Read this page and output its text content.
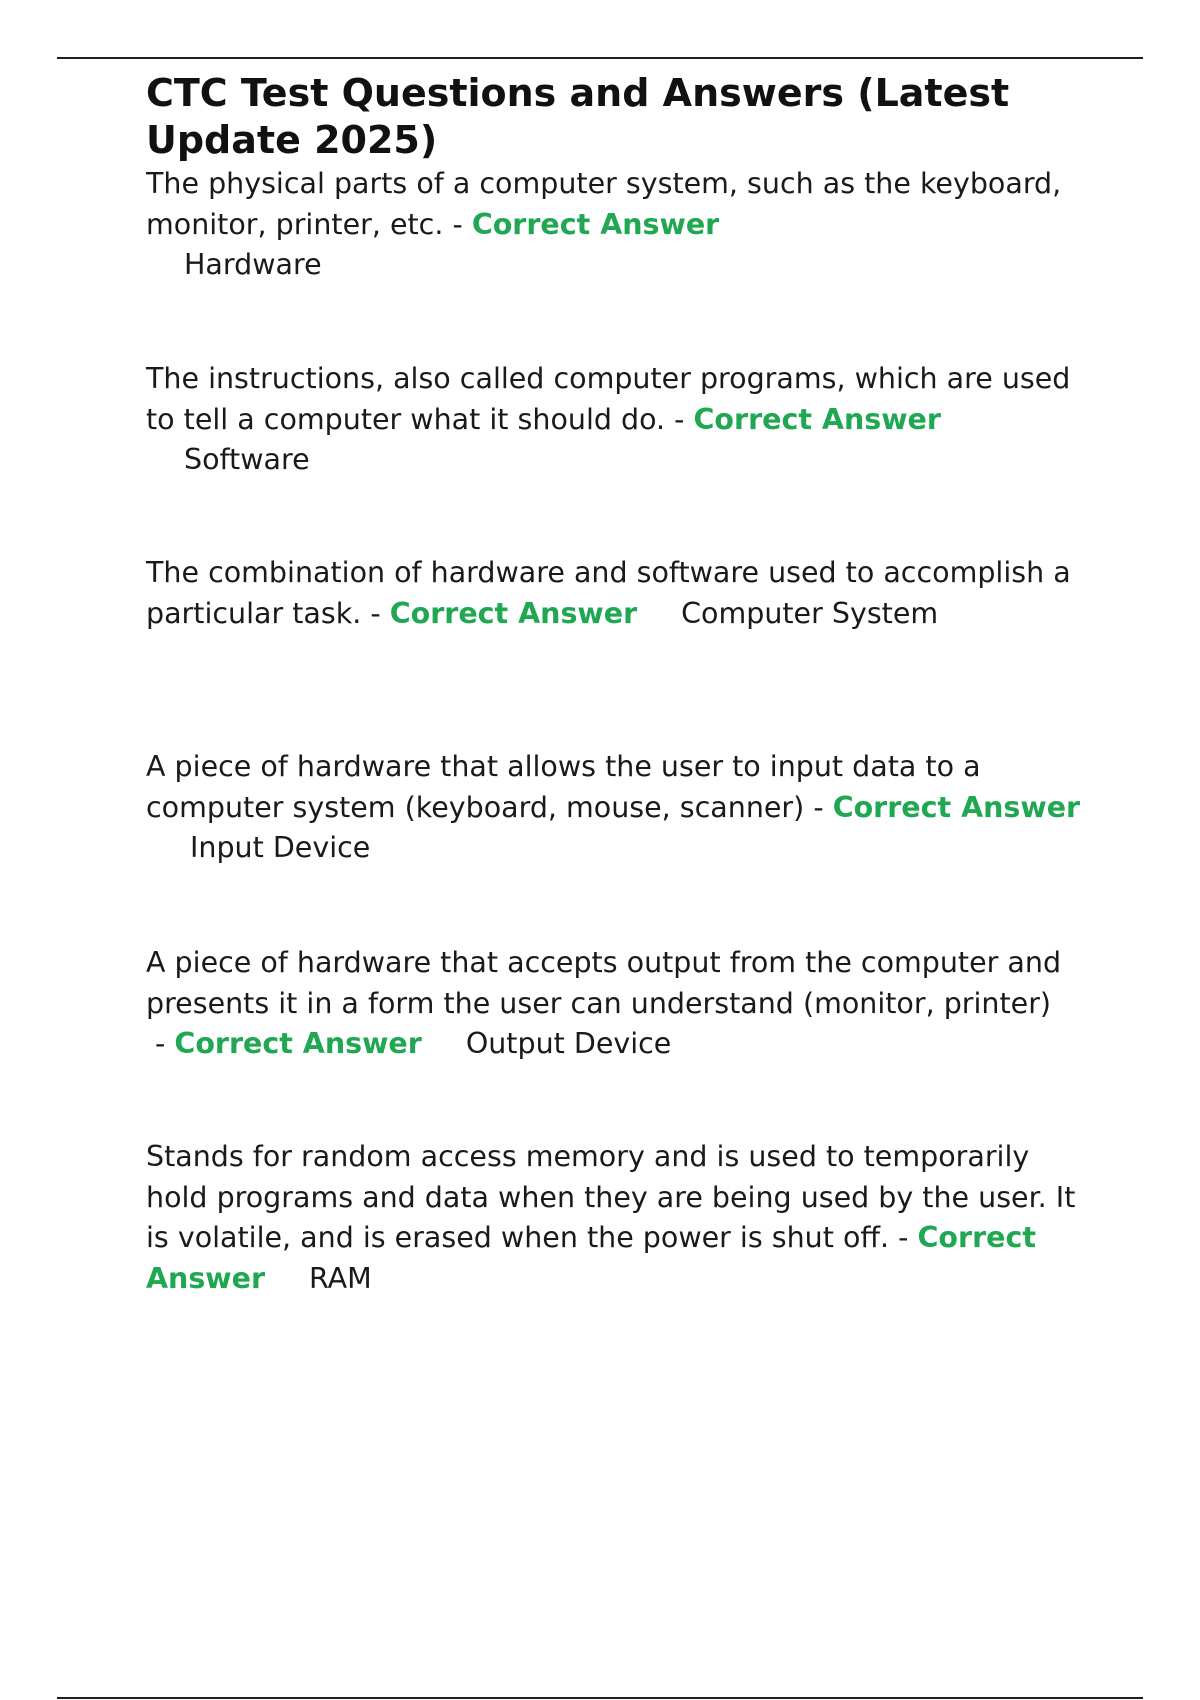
CTC Test Questions and Answers (Latest Update 2025)

The physical parts of a computer system, such as the keyboard, monitor, printer, etc. - Correct Answer
Hardware

The instructions, also called computer programs, which are used to tell a computer what it should do. - Correct Answer
Software

The combination of hardware and software used to accomplish a particular task. - Correct Answer Computer System

A piece of hardware that allows the user to input data to a computer system (keyboard, mouse, scanner) - Correct AnswerInput Device

A piece of hardware that accepts output from the computer and presents it in a form the user can understand (monitor, printer) - Correct Answer Output Device

Stands for random access memory and is used to temporarily hold programs and data when they are being used by the user. It is volatile, and is erased when the power is shut off. - Correct Answer RAM
